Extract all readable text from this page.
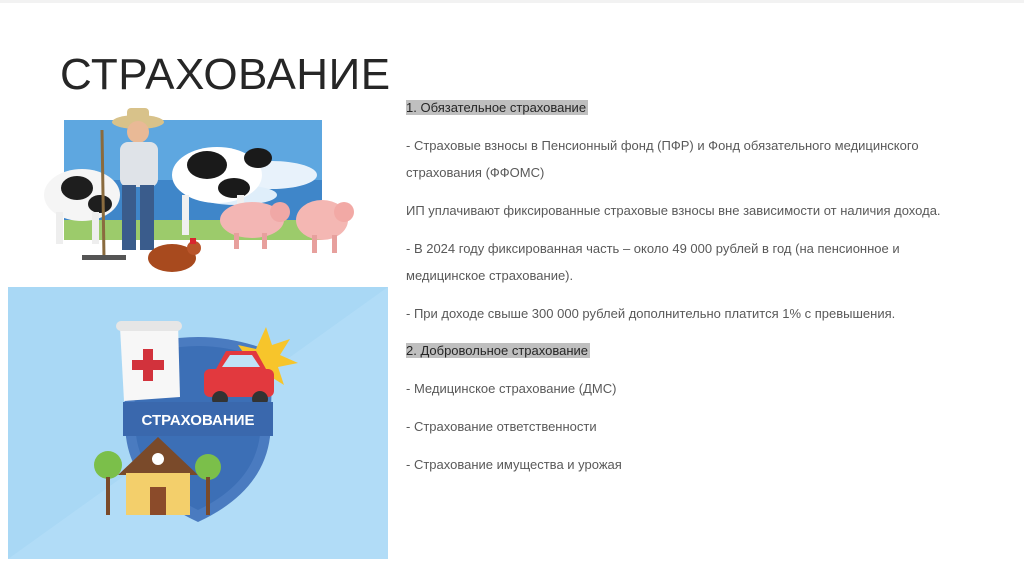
СТРАХОВАНИЕ
СТРАХОВАНИЕ
1. Обязательное страхование
- Страховые взносы в Пенсионный фонд (ПФР) и Фонд обязательного медицинского
страхования (ФФОМС)
ИП уплачивают фиксированные страховые взносы вне зависимости от наличия дохода.
- В 2024 году фиксированная часть – около 49 000 рублей в год (на пенсионное и
медицинское страхование).
- При доходе свыше 300 000 рублей дополнительно платится 1% с превышения.
2. Добровольное страхование
- Медицинское страхование (ДМС)
- Страхование ответственности
- Страхование имущества и урожая
